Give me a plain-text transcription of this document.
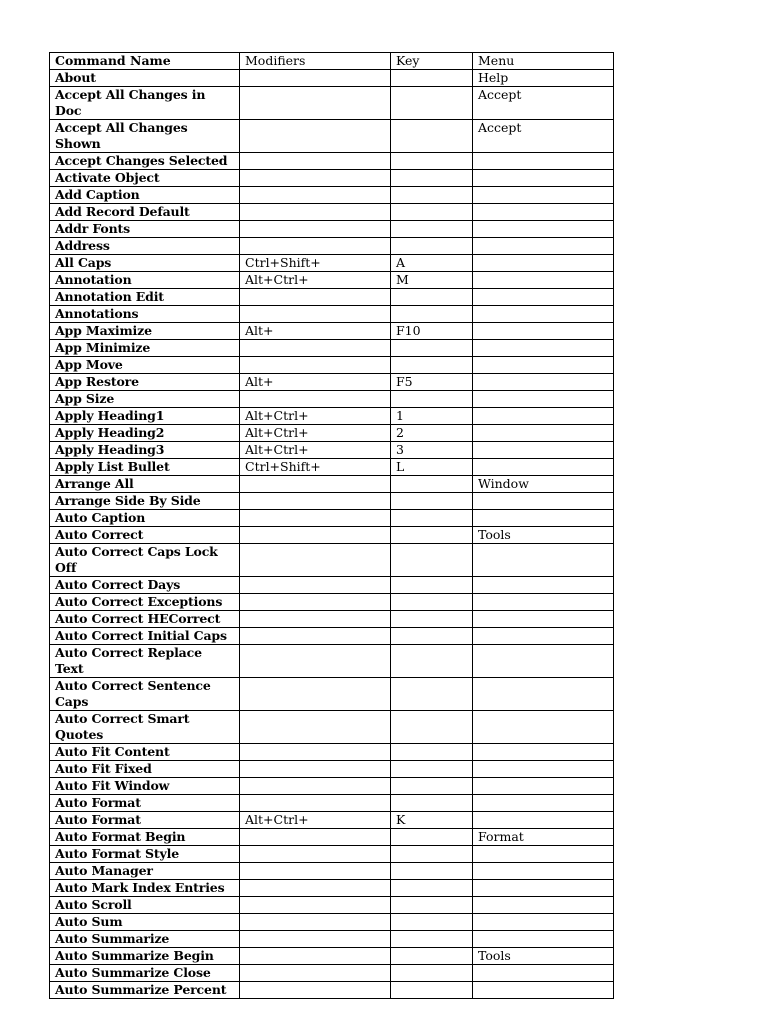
Command Name	Modifiers	Key	Menu
About			Help
Accept All Changes in Doc			Accept
Accept All Changes Shown			Accept
Accept Changes Selected			
Activate Object			
Add Caption			
Add Record Default			
Addr Fonts			
Address			
All Caps	Ctrl+Shift+	A	
Annotation	Alt+Ctrl+	M	
Annotation Edit			
Annotations			
App Maximize	Alt+	F10	
App Minimize			
App Move			
App Restore	Alt+	F5	
App Size			
Apply Heading1	Alt+Ctrl+	1	
Apply Heading2	Alt+Ctrl+	2	
Apply Heading3	Alt+Ctrl+	3	
Apply List Bullet	Ctrl+Shift+	L	
Arrange All			Window
Arrange Side By Side			
Auto Caption			
Auto Correct			Tools
Auto Correct Caps Lock Off			
Auto Correct Days			
Auto Correct Exceptions			
Auto Correct HECorrect			
Auto Correct Initial Caps			
Auto Correct Replace Text			
Auto Correct Sentence Caps			
Auto Correct Smart Quotes			
Auto Fit Content			
Auto Fit Fixed			
Auto Fit Window			
Auto Format			
Auto Format	Alt+Ctrl+	K	
Auto Format Begin			Format
Auto Format Style			
Auto Manager			
Auto Mark Index Entries			
Auto Scroll			
Auto Sum			
Auto Summarize			
Auto Summarize Begin			Tools
Auto Summarize Close			
Auto Summarize Percent			
